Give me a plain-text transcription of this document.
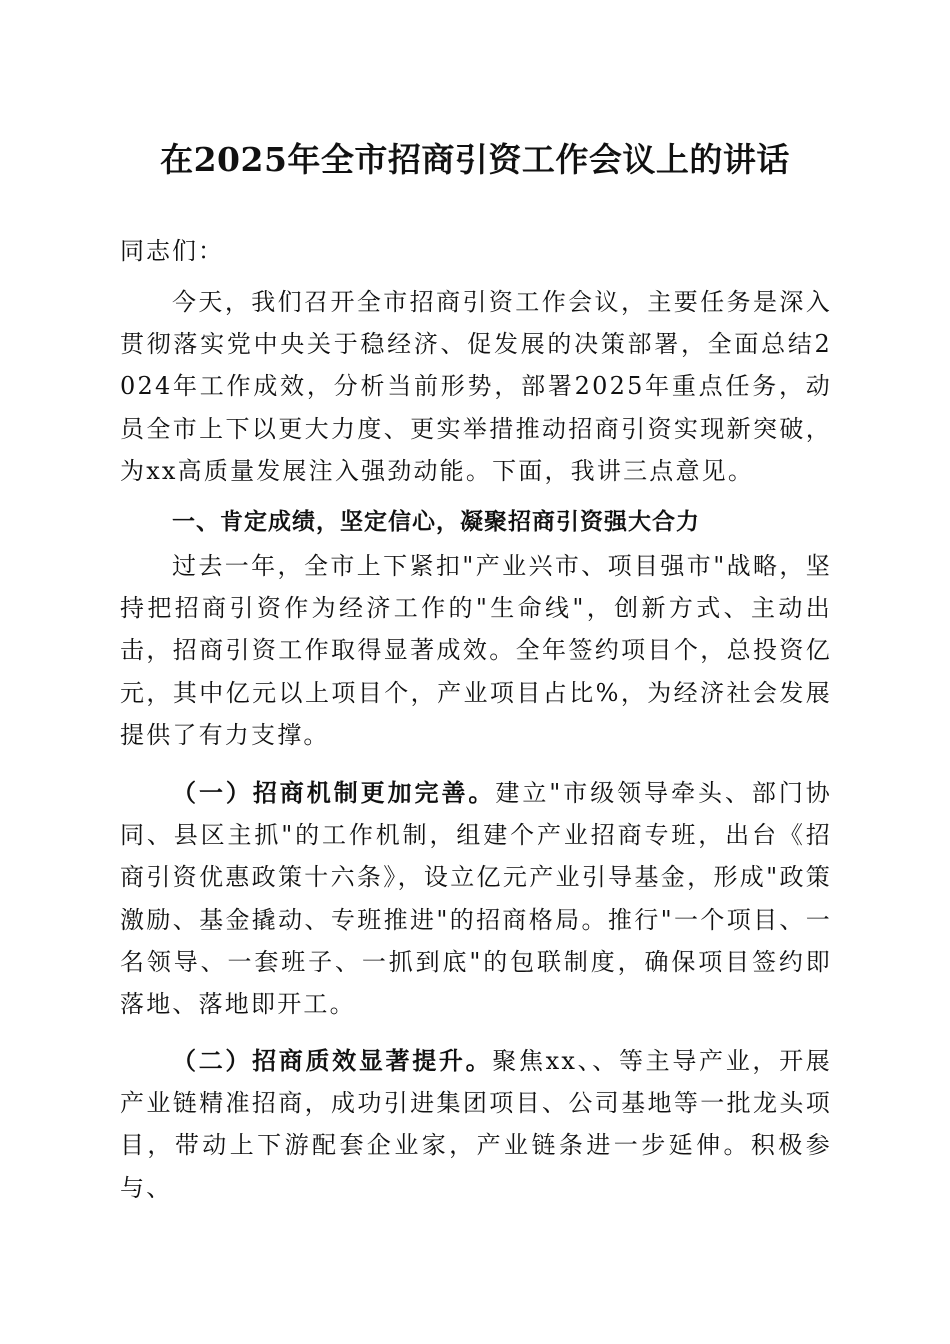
在2025年全市招商引资工作会议上的讲话
同志们：
今天，我们召开全市招商引资工作会议，主要任务是深入贯彻落实党中央关于稳经济、促发展的决策部署，全面总结2024年工作成效，分析当前形势，部署2025年重点任务，动员全市上下以更大力度、更实举措推动招商引资实现新突破，为xx高质量发展注入强劲动能。下面，我讲三点意见。
一、肯定成绩，坚定信心，凝聚招商引资强大合力
过去一年，全市上下紧扣"产业兴市、项目强市"战略，坚持把招商引资作为经济工作的"生命线"，创新方式、主动出击，招商引资工作取得显著成效。全年签约项目个，总投资亿元，其中亿元以上项目个，产业项目占比%，为经济社会发展提供了有力支撑。
（一）招商机制更加完善。建立"市级领导牵头、部门协同、县区主抓"的工作机制，组建个产业招商专班，出台《招商引资优惠政策十六条》，设立亿元产业引导基金，形成"政策激励、基金撬动、专班推进"的招商格局。推行"一个项目、一名领导、一套班子、一抓到底"的包联制度，确保项目签约即落地、落地即开工。
（二）招商质效显著提升。聚焦xx、、等主导产业，开展产业链精准招商，成功引进集团项目、公司基地等一批龙头项目，带动上下游配套企业家，产业链条进一步延伸。积极参与、
